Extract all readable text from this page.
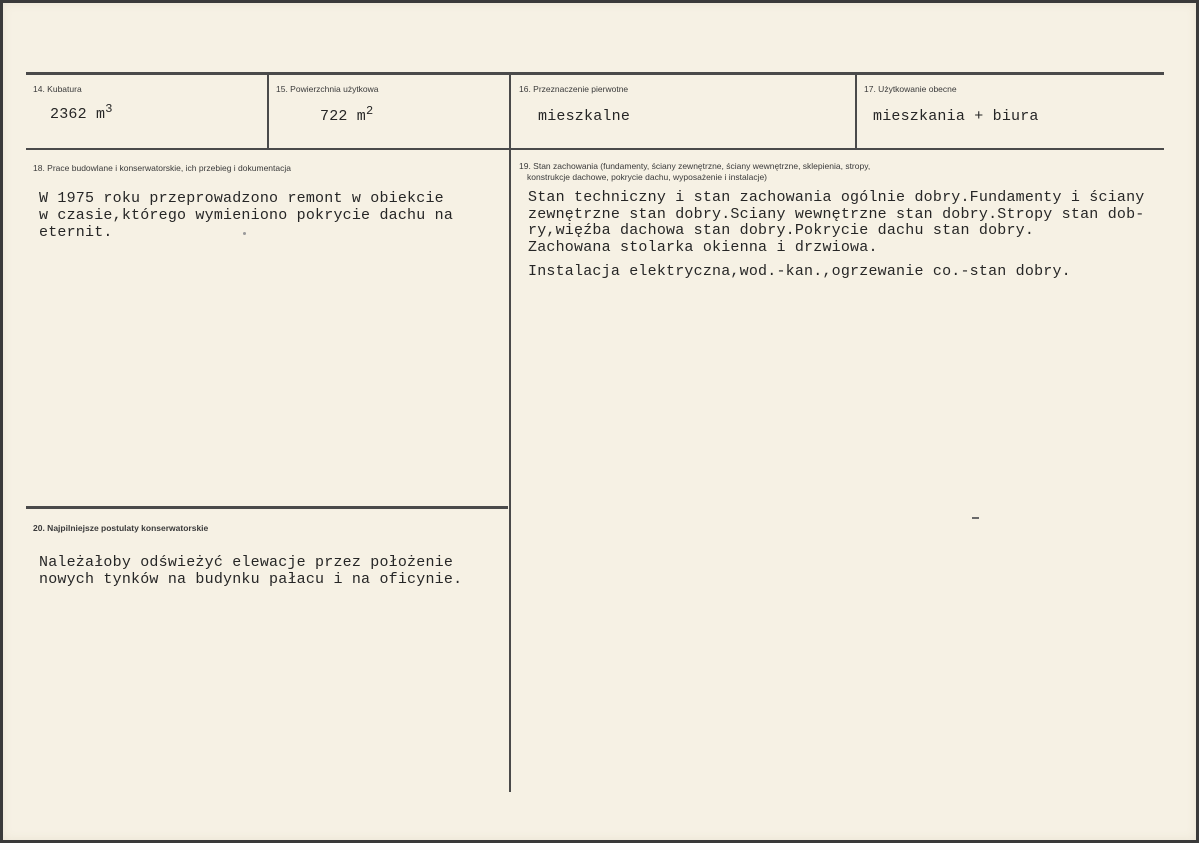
14. Kubatura
2362 $m^3$
15. Powierzchnia użytkowa
722 $m^2$
16. Przeznaczenie pierwotne
mieszkalne
17. Użytkowanie obecne
mieszkania + biura
18. Prace budowlane i konserwatorskie, ich przebieg i dokumentacja
W 1975 roku przeprowadzono remont w obiekcie
w czasie,którego wymieniono pokrycie dachu na
eternit.
19. Stan zachowania (fundamenty, ściany zewnętrzne, ściany wewnętrzne, sklepienia, stropy,
konstrukcje dachowe, pokrycie dachu, wyposażenie i instalacje)
Stan techniczny i stan zachowania ogólnie dobry.Fundamenty i ściany
zewnętrzne stan dobry.Sciany wewnętrzne stan dobry.Stropy stan dob-
ry,więźba dachowa stan dobry.Pokrycie dachu stan dobry.
Zachowana stolarka okienna i drzwiowa.
Instalacja elektryczna,wod.-kan.,ogrzewanie co.-stan dobry.
20. Najpilniejsze postulaty konserwatorskie
Należałoby odświeżyć elewacje przez położenie
nowych tynków na budynku pałacu i na oficynie.
